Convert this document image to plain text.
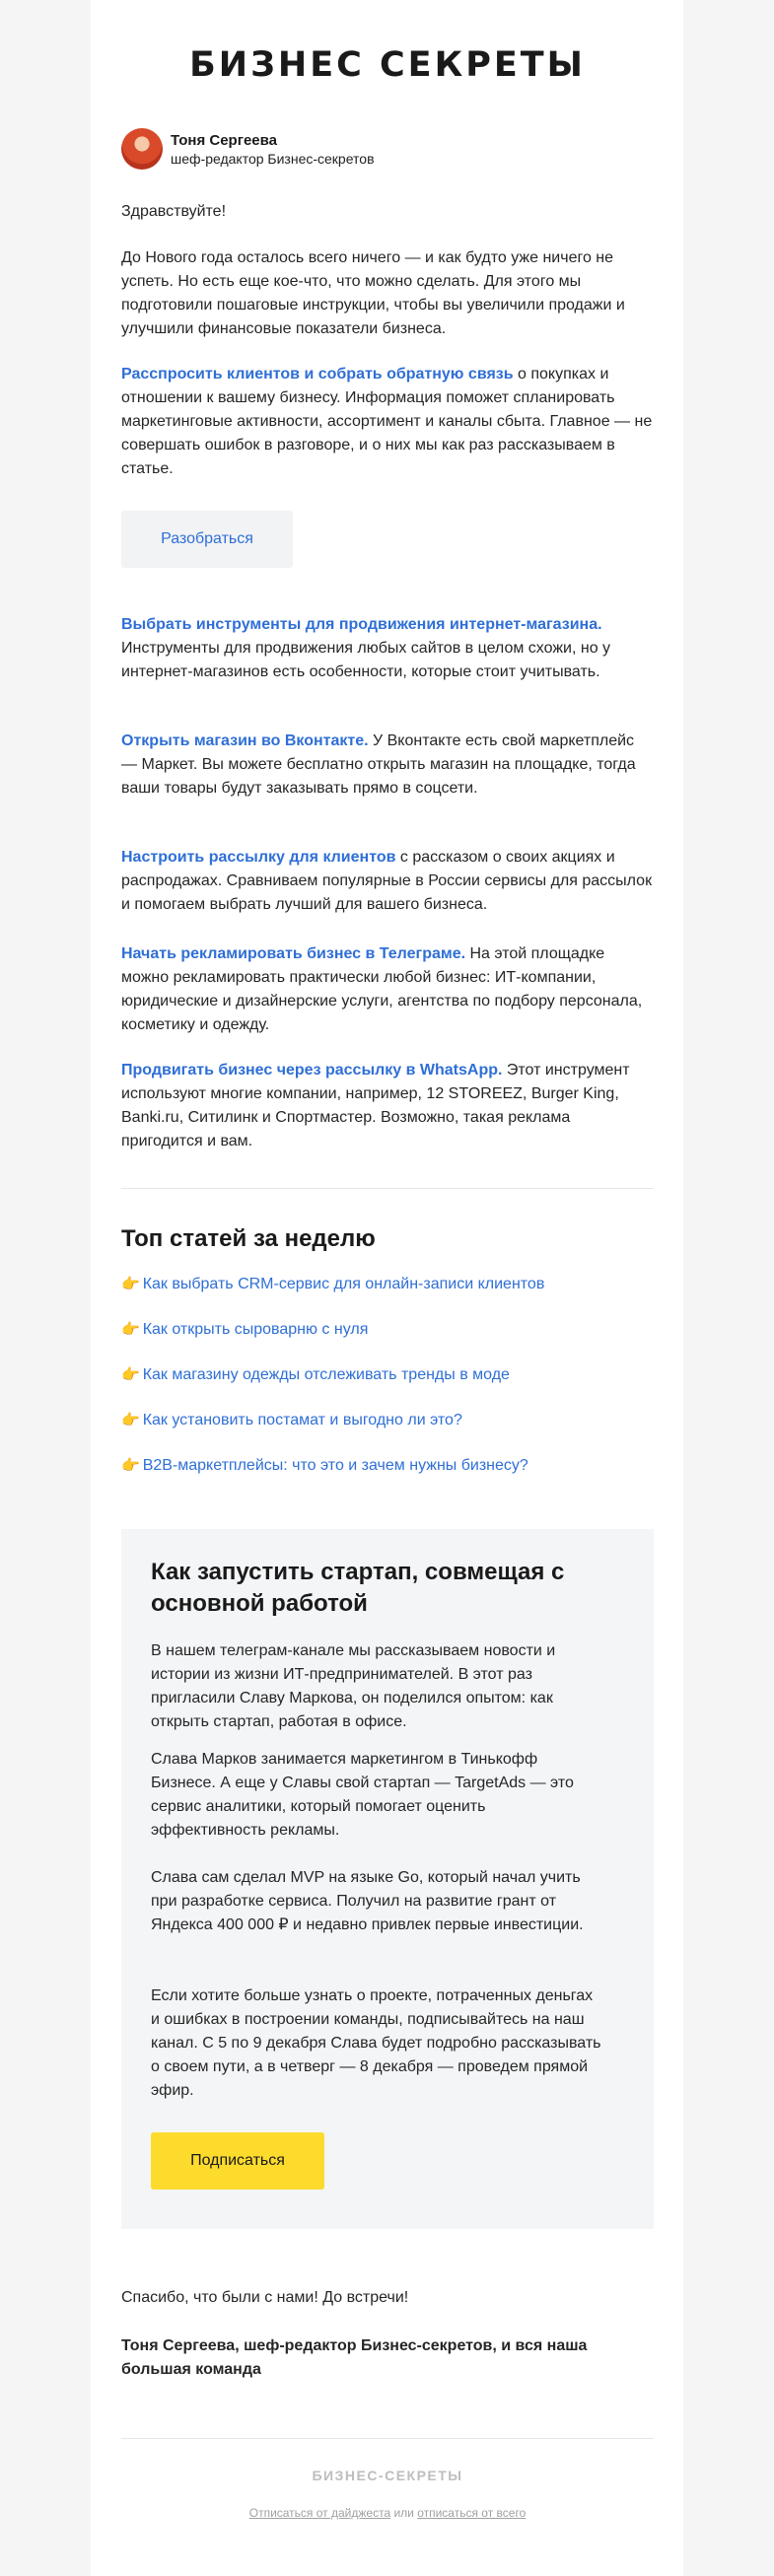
БИЗНЕС СЕКРЕТЫ
Тоня Сергеева
шеф-редактор Бизнес-секретов

Здравствуйте!

До Нового года осталось всего ничего — и как будто уже ничего не успеть. Но есть еще кое-что, что можно сделать. Для этого мы подготовили пошаговые инструкции, чтобы вы увеличили продажи и улучшили финансовые показатели бизнеса.

Расспросить клиентов и собрать обратную связь о покупках и отношении к вашему бизнесу. Информация поможет спланировать маркетинговые активности, ассортимент и каналы сбыта. Главное — не совершать ошибок в разговоре, и о них мы как раз рассказываем в статье.

Разобраться

Выбрать инструменты для продвижения интернет-магазина. Инструменты для продвижения любых сайтов в целом схожи, но у интернет-магазинов есть особенности, которые стоит учитывать.

Открыть магазин во Вконтакте. У Вконтакте есть свой маркетплейс — Маркет. Вы можете бесплатно открыть магазин на площадке, тогда ваши товары будут заказывать прямо в соцсети.

Настроить рассылку для клиентов с рассказом о своих акциях и распродажах. Сравниваем популярные в России сервисы для рассылок и помогаем выбрать лучший для вашего бизнеса.

Начать рекламировать бизнес в Телеграме. На этой площадке можно рекламировать практически любой бизнес: ИТ-компании, юридические и дизайнерские услуги, агентства по подбору персонала, косметику и одежду.

Продвигать бизнес через рассылку в WhatsApp. Этот инструмент используют многие компании, например, 12 STOREEZ, Burger King, Banki.ru, Ситилинк и Спортмастер. Возможно, такая реклама пригодится и вам.

Топ статей за неделю
👉 Как выбрать CRM-сервис для онлайн-записи клиентов
👉 Как открыть сыроварню с нуля
👉 Как магазину одежды отслеживать тренды в моде
👉 Как установить постамат и выгодно ли это?
👉 B2B-маркетплейсы: что это и зачем нужны бизнесу?
Как запустить стартап, совмещая с основной работой

В нашем телеграм-канале мы рассказываем новости и истории из жизни ИТ-предпринимателей. В этот раз пригласили Славу Маркова, он поделился опытом: как открыть стартап, работая в офисе.

Слава Марков занимается маркетингом в Тинькофф Бизнесе. А еще у Славы свой стартап — TargetAds — это сервис аналитики, который помогает оценить эффективность рекламы.

Слава сам сделал MVP на языке Go, который начал учить при разработке сервиса. Получил на развитие грант от Яндекса 400 000 ₽ и недавно привлек первые инвестиции.

Если хотите больше узнать о проекте, потраченных деньгах и ошибках в построении команды, подписывайтесь на наш канал. С 5 по 9 декабря Слава будет подробно рассказывать о своем пути, а в четверг — 8 декабря — проведем прямой эфир.

Подписаться
Спасибо, что были с нами! До встречи!
Тоня Сергеева, шеф-редактор Бизнес-секретов, и вся наша большая команда
БИЗНЕС-СЕКРЕТЫ
Отписаться от дайджеста или отписаться от всего
